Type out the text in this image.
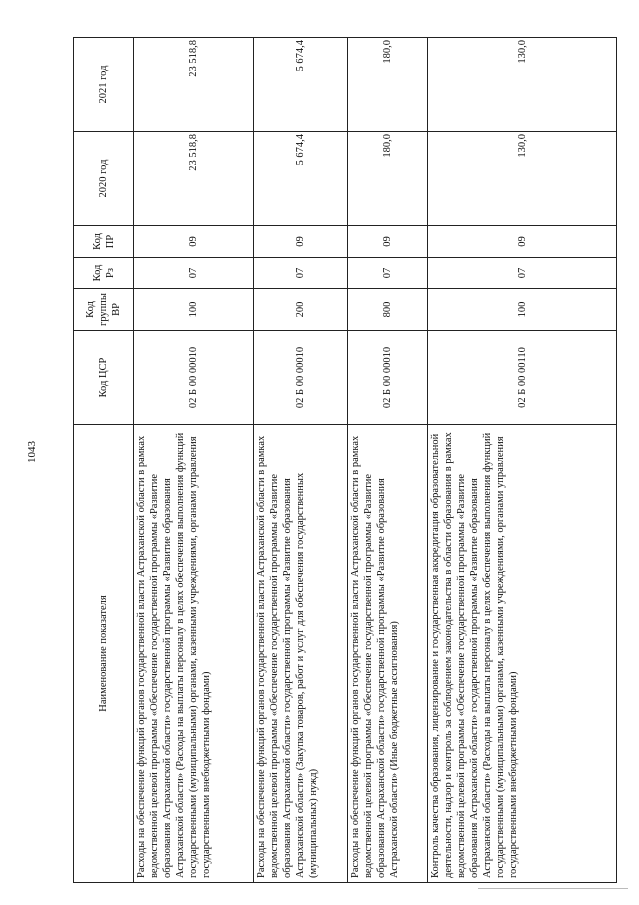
1043
Наименование показателя	Код ЦСР	Код группы ВР	Код Рз	Код ПР	2020 год	2021 год
Расходы на обеспечение функций органов государственной власти Астраханской области в рамках ведомственной целевой программы «Обеспечение государственной программы «Развитие образования Астраханской области» государственной программы «Развитие образования Астраханской области» (Расходы на выплаты персоналу в целях обеспечения выполнения функций государственными (муниципальными) органами, казенными учреждениями, органами управления государственными внебюджетными фондами)	02 Б 00 00010	100	07	09	23 518,8	23 518,8
Расходы на обеспечение функций органов государственной власти Астраханской области в рамках ведомственной целевой программы «Обеспечение государственной программы «Развитие образования Астраханской области» государственной программы «Развитие образования Астраханской области» (Закупка товаров, работ и услуг для обеспечения государственных (муниципальных) нужд)	02 Б 00 00010	200	07	09	5 674,4	5 674,4
Расходы на обеспечение функций органов государственной власти Астраханской области в рамках ведомственной целевой программы «Обеспечение государственной программы «Развитие образования Астраханской области» государственной программы «Развитие образования Астраханской области» (Иные бюджетные ассигнования)	02 Б 00 00010	800	07	09	180,0	180,0
Контроль качества образования, лицензирование и государственная аккредитация образовательной деятельности, надзор и контроль за соблюдением законодательства в области образования в рамках ведомственной целевой программы «Обеспечение государственной программы «Развитие образования Астраханской области» государственной программы «Развитие образования Астраханской области» (Расходы на выплаты персоналу в целях обеспечения выполнения функций государственными (муниципальными) органами, казенными учреждениями, органами управления государственными внебюджетными фондами)	02 Б 00 00110	100	07	09	130,0	130,0
